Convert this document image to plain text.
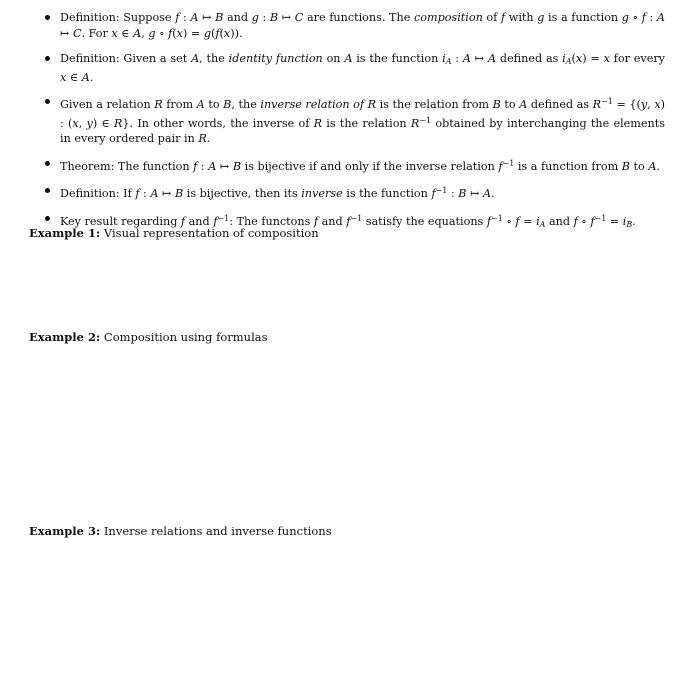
Definition: Suppose f : A ↦ B and g : B ↦ C are functions. The composition of f with g is a function g ∘ f : A ↦ C. For x ∈ A, g ∘ f(x) = g(f(x)).
Definition: Given a set A, the identity function on A is the function $i_A$ : A ↦ A defined as $i_A(x) = x$ for every x ∈ A.
Given a relation R from A to B, the inverse relation of R is the relation from B to A defined as $R^{-1} = \{(y$, x) : (x, y) ∈ R}. In other words, the inverse of R is the relation $R^{-1}$ obtained by interchanging the elements in every ordered pair in R.
Theorem: The function f : A ↦ B is bijective if and only if the inverse relation $f^{-1}$ is a function from B to A.
Definition: If f : A ↦ B is bijective, then its inverse is the function $f^{-1}$ : B ↦ A.
Key result regarding f and $f^{-1}$: The functons f and $f^{-1}$ satisfy the equations $f^{-1}$ ∘ $f = i_A$ and f ∘ $f^{-1} = i_B$.
Example 1: Visual representation of composition
Example 2: Composition using formulas
Example 3: Inverse relations and inverse functions
